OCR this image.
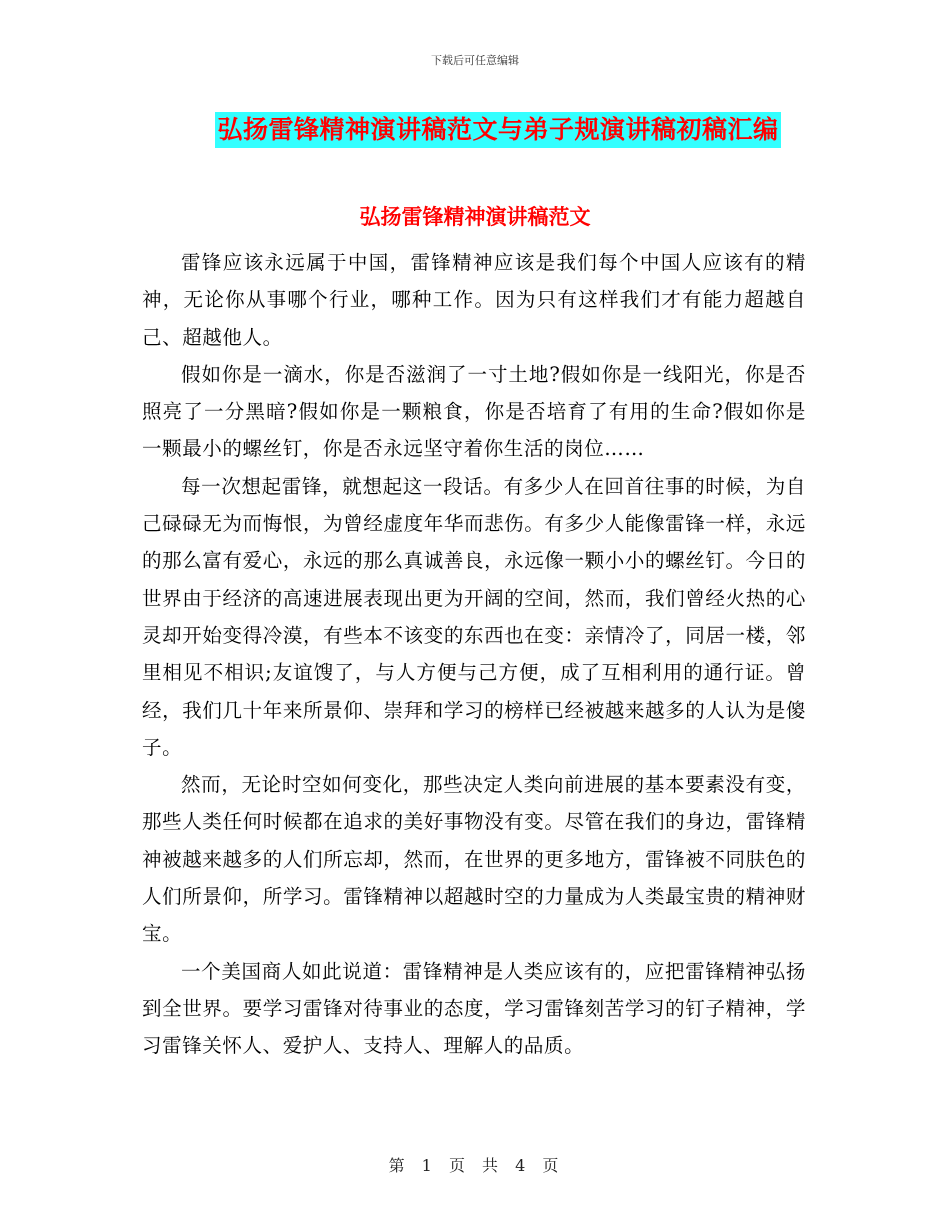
下载后可任意编辑
弘扬雷锋精神演讲稿范文与弟子规演讲稿初稿汇编
弘扬雷锋精神演讲稿范文

雷锋应该永远属于中国，雷锋精神应该是我们每个中国人应该有的精神，无论你从事哪个行业，哪种工作。因为只有这样我们才有能力超越自己、超越他人。

假如你是一滴水，你是否滋润了一寸土地?假如你是一线阳光，你是否照亮了一分黑暗?假如你是一颗粮食，你是否培育了有用的生命?假如你是一颗最小的螺丝钉，你是否永远坚守着你生活的岗位……

每一次想起雷锋，就想起这一段话。有多少人在回首往事的时候，为自己碌碌无为而悔恨，为曾经虚度年华而悲伤。有多少人能像雷锋一样，永远的那么富有爱心，永远的那么真诚善良，永远像一颗小小的螺丝钉。今日的世界由于经济的高速进展表现出更为开阔的空间，然而，我们曾经火热的心灵却开始变得冷漠，有些本不该变的东西也在变：亲情冷了，同居一楼，邻里相见不相识;友谊馊了，与人方便与己方便，成了互相利用的通行证。曾经，我们几十年来所景仰、崇拜和学习的榜样已经被越来越多的人认为是傻子。

然而，无论时空如何变化，那些决定人类向前进展的基本要素没有变，那些人类任何时候都在追求的美好事物没有变。尽管在我们的身边，雷锋精神被越来越多的人们所忘却，然而，在世界的更多地方，雷锋被不同肤色的人们所景仰，所学习。雷锋精神以超越时空的力量成为人类最宝贵的精神财宝。

一个美国商人如此说道：雷锋精神是人类应该有的，应把雷锋精神弘扬到全世界。要学习雷锋对待事业的态度，学习雷锋刻苦学习的钉子精神，学习雷锋关怀人、爱护人、支持人、理解人的品质。

第 1 页 共 4 页
